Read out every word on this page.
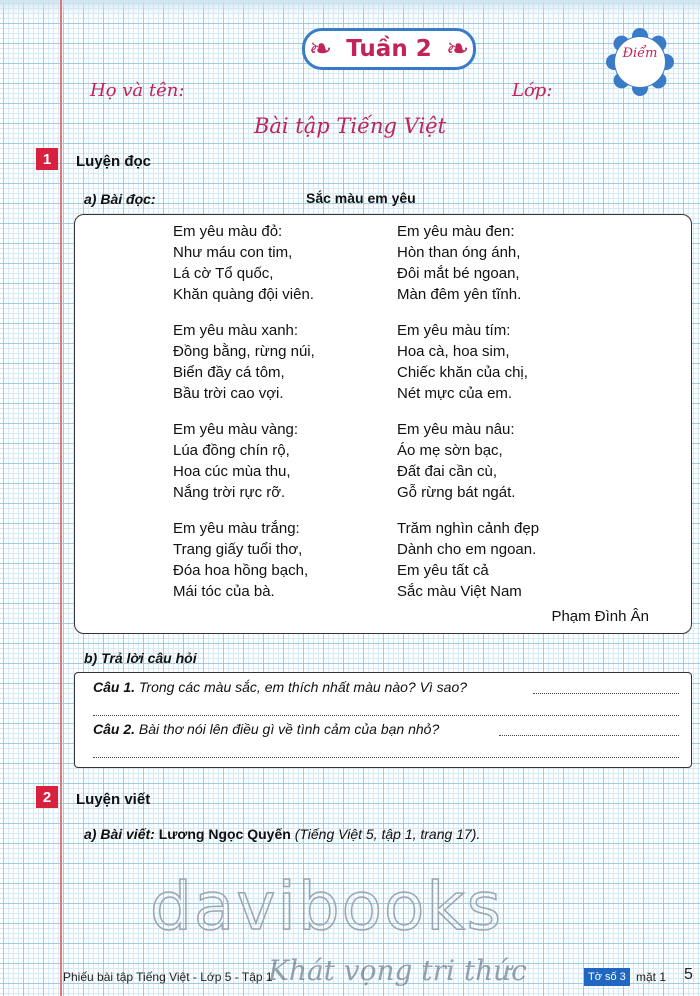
❧ Tuần 2 ❧	Điểm
Họ và tên:	Lớp:
Bài tập Tiếng Việt
1	Luyện đọc
a) Bài đọc:	Sắc màu em yêu
Em yêu màu đỏ:
Như máu con tim,
Lá cờ Tổ quốc,
Khăn quàng đội viên.
Em yêu màu xanh:
Đồng bằng, rừng núi,
Biển đầy cá tôm,
Bầu trời cao vợi.
Em yêu màu vàng:
Lúa đồng chín rộ,
Hoa cúc mùa thu,
Nắng trời rực rỡ.
Em yêu màu trắng:
Trang giấy tuổi thơ,
Đóa hoa hồng bạch,
Mái tóc của bà.
Em yêu màu đen:
Hòn than óng ánh,
Đôi mắt bé ngoan,
Màn đêm yên tĩnh.
Em yêu màu tím:
Hoa cà, hoa sim,
Chiếc khăn của chị,
Nét mực của em.
Em yêu màu nâu:
Áo mẹ sờn bạc,
Đất đai cần cù,
Gỗ rừng bát ngát.
Trăm nghìn cảnh đẹp
Dành cho em ngoan.
Em yêu tất cả
Sắc màu Việt Nam
Phạm Đình Ân
b) Trả lời câu hỏi
Câu 1. Trong các màu sắc, em thích nhất màu nào? Vì sao?
Câu 2. Bài thơ nói lên điều gì về tình cảm của bạn nhỏ?
2	Luyện viết
a) Bài viết: Lương Ngọc Quyến (Tiếng Việt 5, tập 1, trang 17).
davibooks
Khát vọng tri thức
Phiếu bài tập Tiếng Việt - Lớp 5 - Tập 1	Tờ số 3 mặt 1 5
